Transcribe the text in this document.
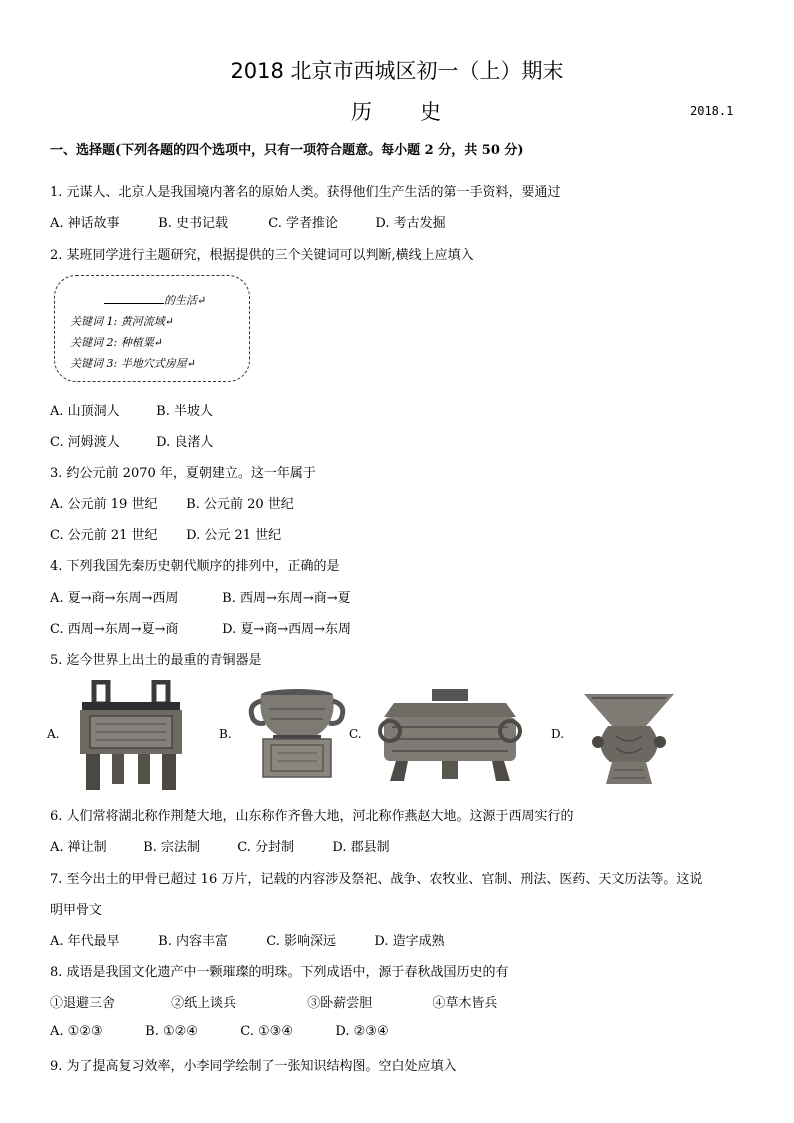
2018 北京市西城区初一（上）期末
历　　史	2018.1
一、选择题(下列各题的四个选项中，只有一项符合题意。每小题 2 分，共 50 分)
1. 元谋人、北京人是我国境内著名的原始人类。获得他们生产生活的第一手资料，要通过
A. 神话故事	B. 史书记载	C. 学者推论	D. 考古发掘
2. 某班同学进行主题研究，根据提供的三个关键词可以判断,横线上应填入
的生活↵
关键词 1: 黄河流域↵
关键词 2: 种植粟↵
关键词 3: 半地穴式房屋↵
A. 山顶洞人	B. 半坡人
C. 河姆渡人	D. 良渚人
3. 约公元前 2070 年，夏朝建立。这一年属于
A. 公元前 19 世纪 B. 公元前 20 世纪
C. 公元前 21 世纪 D. 公元 21 世纪
4. 下列我国先秦历史朝代顺序的排列中，正确的是
A. 夏→商→东周→西周	B. 西周→东周→商→夏
C. 西周→东周→夏→商	D. 夏→商→西周→东周
5. 迄今世界上出土的最重的青铜器是
A.	B.	C.	D.
6. 人们常将湖北称作荆楚大地，山东称作齐鲁大地，河北称作燕赵大地。这源于西周实行的
A. 禅让制	B. 宗法制	C. 分封制	D. 郡县制
7. 至今出土的甲骨已超过 16 万片，记载的内容涉及祭祀、战争、农牧业、官制、刑法、医药、天文历法等。这说
明甲骨文
A. 年代最早	B. 内容丰富	C. 影响深远	D. 造字成熟
8. 成语是我国文化遗产中一颗璀璨的明珠。下列成语中，源于春秋战国历史的有
①退避三舍	②纸上谈兵	③卧薪尝胆	④草木皆兵
A. ①②③	B. ①②④	C. ①③④	D. ②③④
9. 为了提高复习效率，小李同学绘制了一张知识结构图。空白处应填入
